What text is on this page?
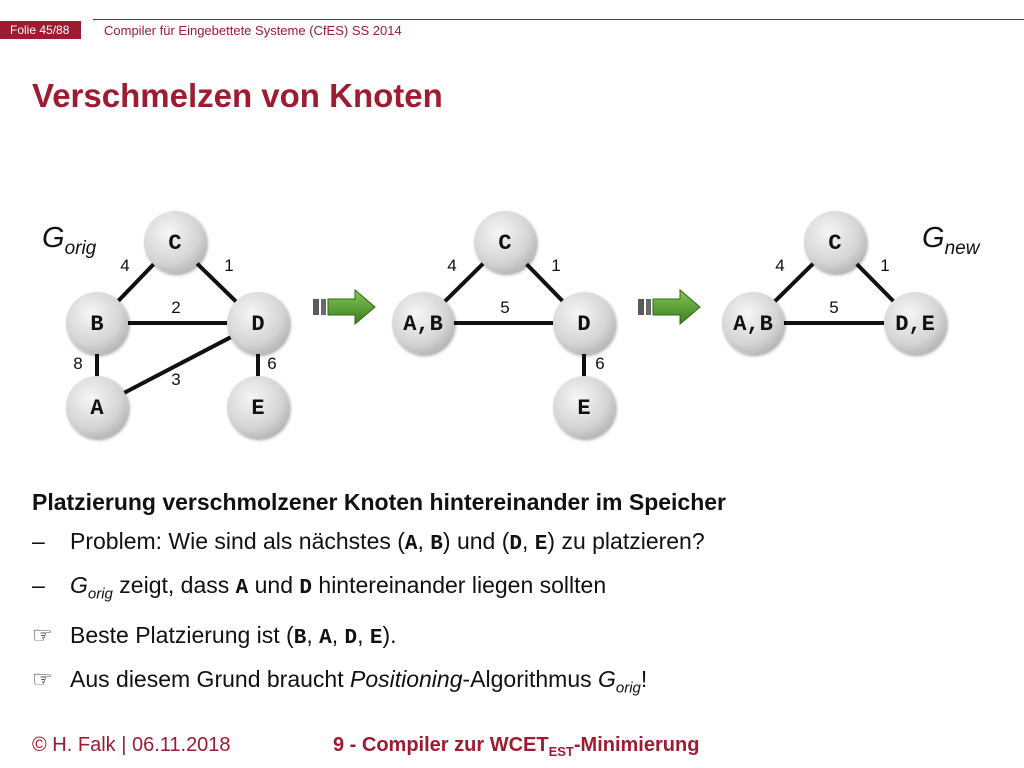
Folie 45/88	Compiler für Eingebettete Systeme (CfES) SS 2014
Verschmelzen von Knoten
4	1
2
8	6
3
C
B	D
A	E
$G_{orig}$
4	1
5
6
C
A,B	D
E
4	1
5
C
A,B	D,E
$G_{new}$

Platzierung verschmolzener Knoten hintereinander im Speicher

–	Problem: Wie sind als nächstes (A, B) und (D, E) zu platzieren?
–	$G_{orig}$ zeigt, dass A und D hintereinander liegen sollten
☞ Beste Platzierung ist (B, A, D, E).
☞ Aus diesem Grund braucht Positioning-Algorithmus $G_{orig}$!
© H. Falk | 06.11.2018	9 - Compiler zur $WCET_{EST}$-Minimierung
